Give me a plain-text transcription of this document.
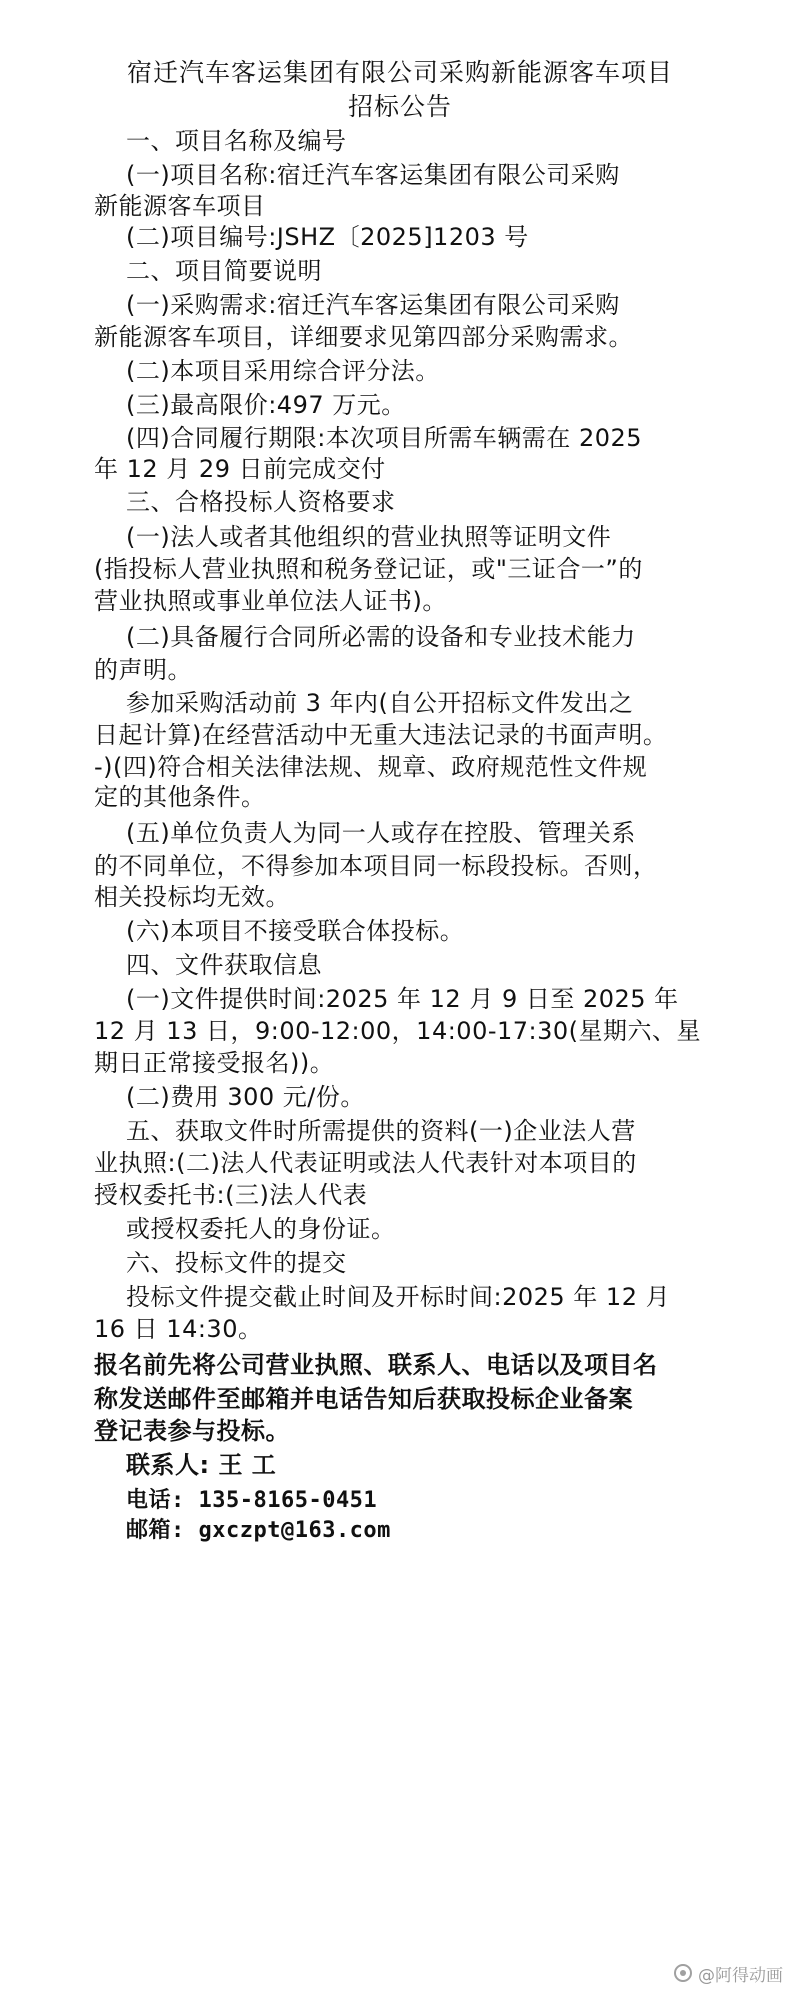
宿迁汽车客运集团有限公司采购新能源客车项目
招标公告
一、项目名称及编号
(一)项目名称:宿迁汽车客运集团有限公司采购
新能源客车项目
(二)项目编号:JSHZ〔2025]1203 号
二、项目简要说明
(一)采购需求:宿迁汽车客运集团有限公司采购
新能源客车项目，详细要求见第四部分采购需求。
(二)本项目采用综合评分法。
(三)最高限价:497 万元。
(四)合同履行期限:本次项目所需车辆需在 2025
年 12 月 29 日前完成交付
三、合格投标人资格要求
(一)法人或者其他组织的营业执照等证明文件
(指投标人营业执照和税务登记证，或"三证合一”的
营业执照或事业单位法人证书)。
(二)具备履行合同所必需的设备和专业技术能力
的声明。
参加采购活动前 3 年内(自公开招标文件发出之
日起计算)在经营活动中无重大违法记录的书面声明。
-)(四)符合相关法律法规、规章、政府规范性文件规
定的其他条件。
(五)单位负责人为同一人或存在控股、管理关系
的不同单位，不得参加本项目同一标段投标。否则，
相关投标均无效。
(六)本项目不接受联合体投标。
四、文件获取信息
(一)文件提供时间:2025 年 12 月 9 日至 2025 年
12 月 13 日，9:00-12:00，14:00-17:30(星期六、星
期日正常接受报名))。
(二)费用 300 元/份。
五、获取文件时所需提供的资料(一)企业法人营
业执照:(二)法人代表证明或法人代表针对本项目的
授权委托书:(三)法人代表
或授权委托人的身份证。
六、投标文件的提交
投标文件提交截止时间及开标时间:2025 年 12 月
16 日 14:30。
报名前先将公司营业执照、联系人、电话以及项目名
称发送邮件至邮箱并电话告知后获取投标企业备案
登记表参与投标。
联系人: 王 工
电话: 135-8165-0451
邮箱: gxczpt@163.com
@阿得动画
